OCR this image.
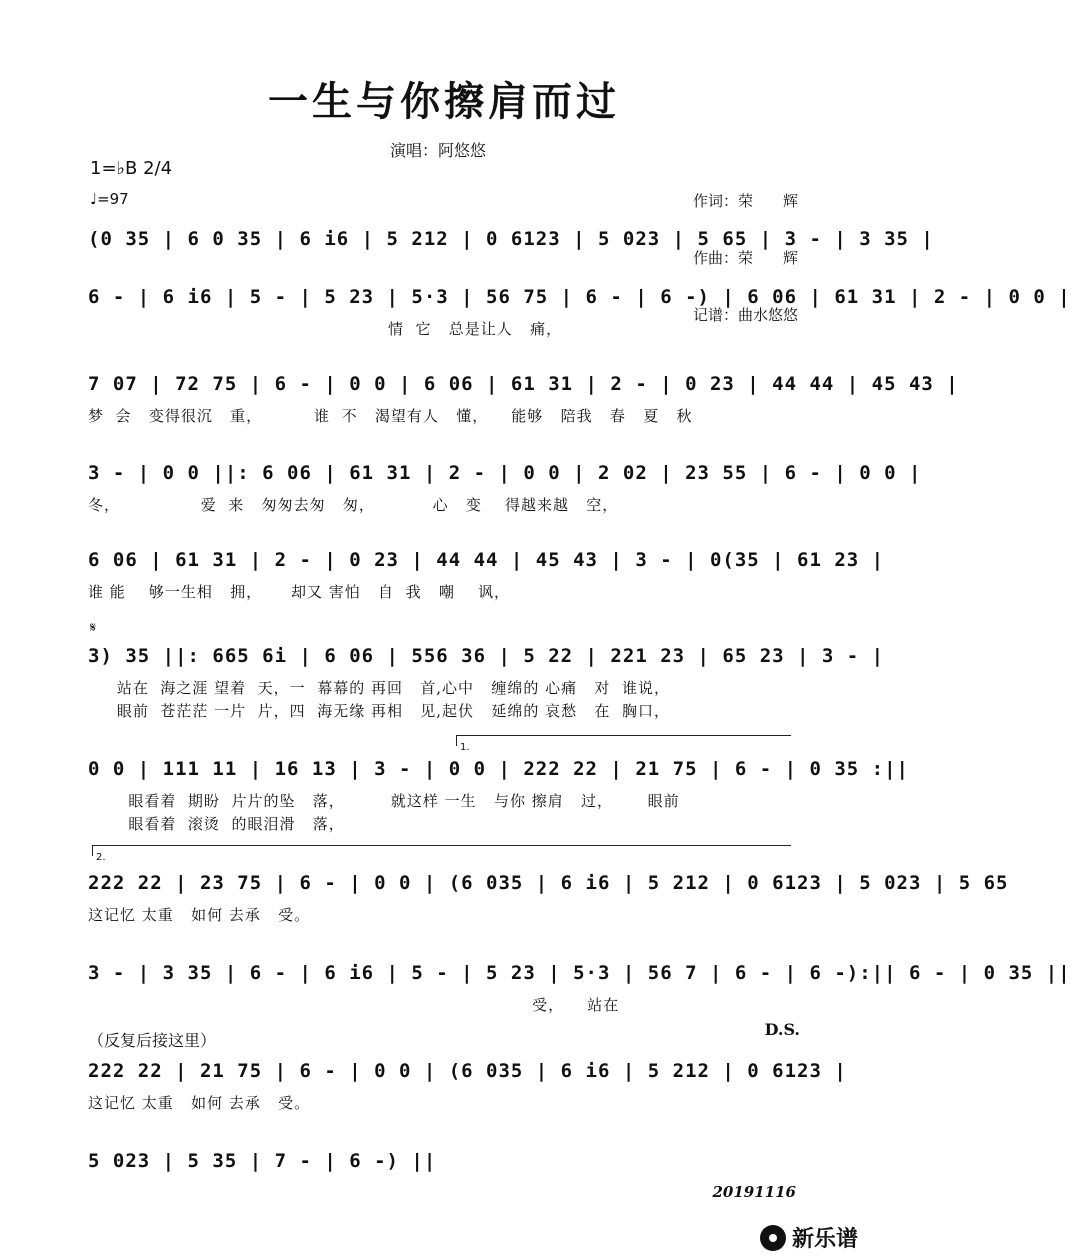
一生与你擦肩而过
演唱：阿悠悠

作词：荣　　辉

作曲：荣　　辉

记谱：曲水悠悠

1=♭B 2/4
♩=97
(0 35 | 6 0 35 | 6 i6 | 5 212 | 0 6123 | 5 023 | 5 65 | 3 - | 3 35 |
6 - | 6 i6 | 5 - | 5 23 | 5·3 | 56 75 | 6 - | 6 -) | 6 06 | 61 31 | 2 - | 0 0 |
情  它   总是让人   痛，
7 07 | 72 75 | 6 - | 0 0 | 6 06 | 61 31 | 2 - | 0 23 | 44 44 | 45 43 |
梦  会   变得很沉   重，         谁  不   渴望有人   懂，    能够   陪我   春   夏   秋
3 - | 0 0 ||: 6 06 | 61 31 | 2 - | 0 0 | 2 02 | 23 55 | 6 - | 0 0 |
冬，              爱  来   匆匆去匆   匆，          心   变    得越来越   空，
6 06 | 61 31 | 2 - | 0 23 | 44 44 | 45 43 | 3 - | 0(35 | 61 23 |
谁 能    够一生相   拥，     却又 害怕   自  我   嘲    讽，
𝄋
3) 35 ||: 665 6i | 6 06 | 556 36 | 5 22 | 221 23 | 65 23 | 3 - |
站在  海之涯 望着  天，一  幕幕的 再回   首,心中   缠绵的 心痛   对  谁说，
眼前  苍茫茫 一片  片，四  海无缘 再相   见,起伏   延绵的 哀愁   在  胸口，
1.
0 0 | 111 11 | 16 13 | 3 - | 0 0 | 222 22 | 21 75 | 6 - | 0 35 :||
眼看着  期盼  片片的坠   落，        就这样 一生   与你 擦肩   过，      眼前
眼看着  滚烫  的眼泪滑   落，
2.
222 22 | 23 75 | 6 - | 0 0 | (6 035 | 6 i6 | 5 212 | 0 6123 | 5 023 | 5 65
这记忆 太重   如何 去承   受。
3 - | 3 35 | 6 - | 6 i6 | 5 - | 5 23 | 5·3 | 56 7 | 6 - | 6 -):|| 6 - | 0 35 ||
受，    站在
D.S.
（反复后接这里）
222 22 | 21 75 | 6 - | 0 0 | (6 035 | 6 i6 | 5 212 | 0 6123 |
这记忆 太重   如何 去承   受。
5 023 | 5 35 | 7 - | 6 -) ||
20191116
新乐谱
